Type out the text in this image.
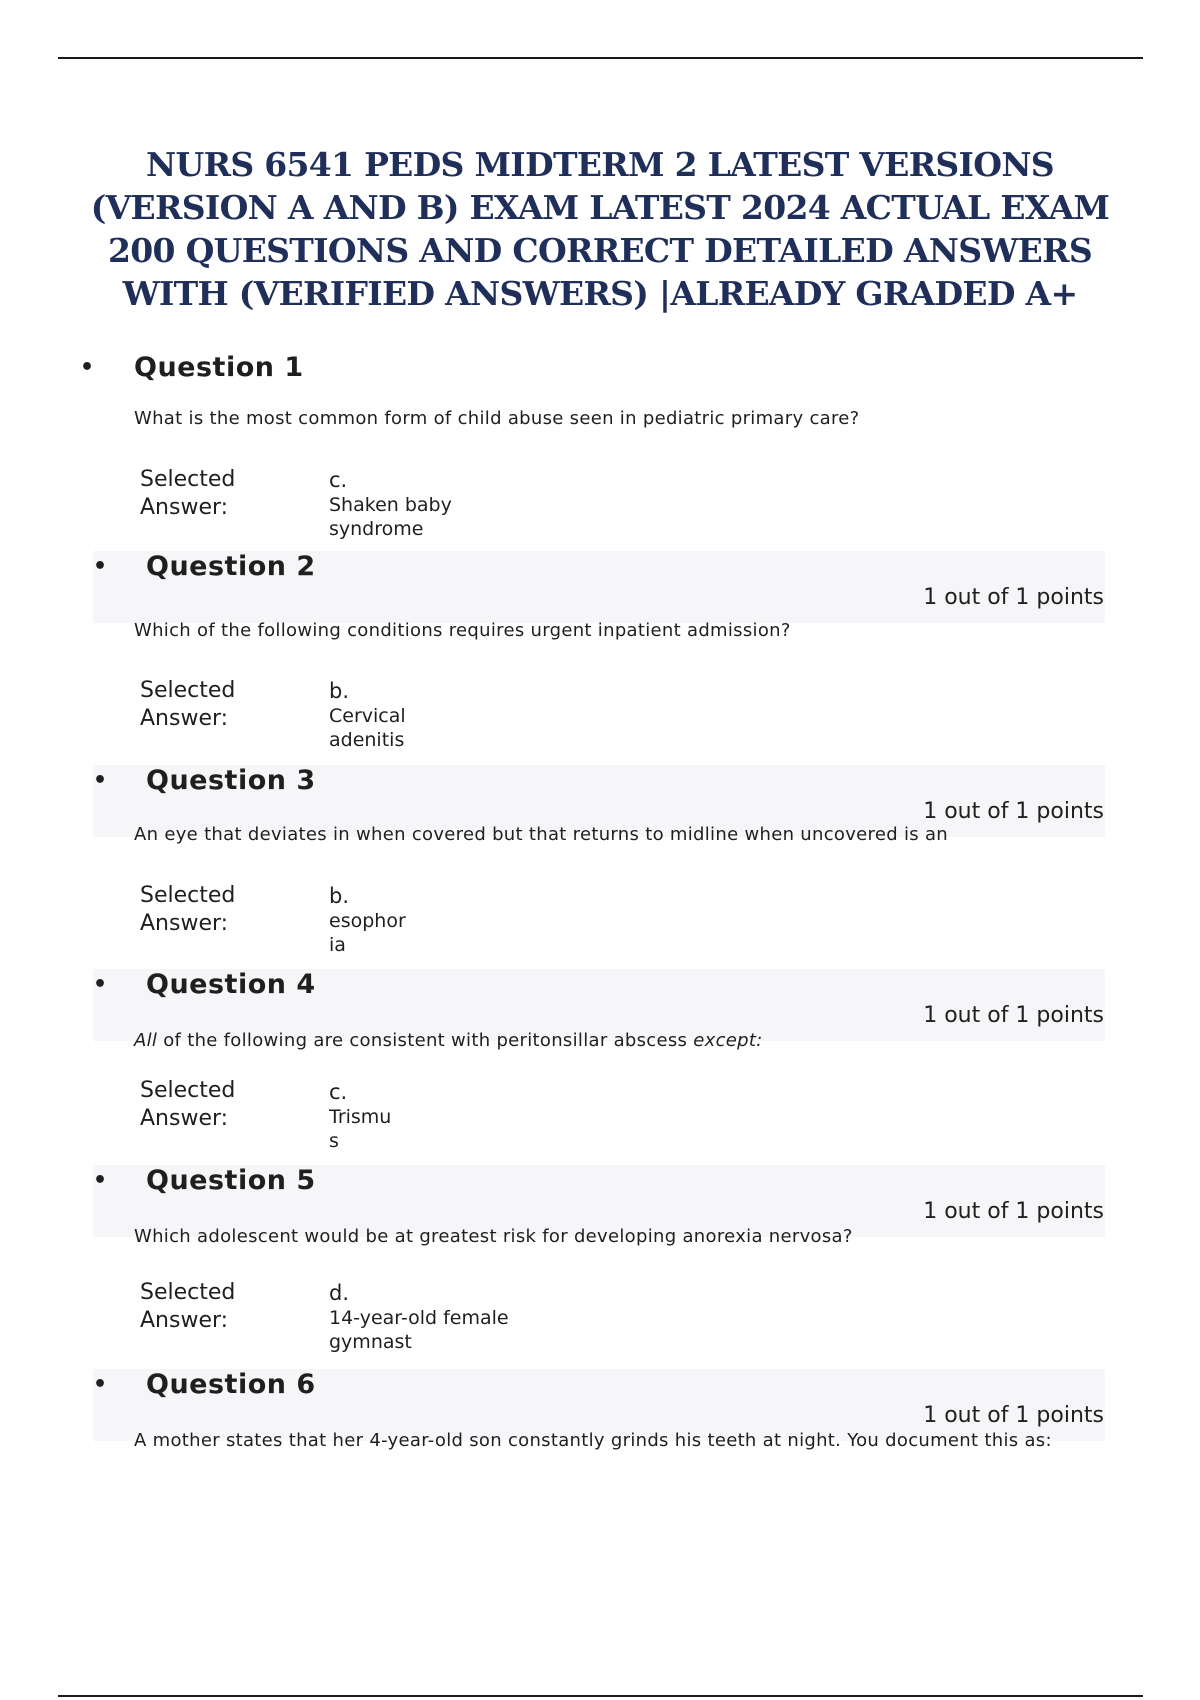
NURS 6541 PEDS MIDTERM 2 LATEST VERSIONS (VERSION A AND B) EXAM LATEST 2024 ACTUAL EXAM 200 QUESTIONS AND CORRECT DETAILED ANSWERS WITH (VERIFIED ANSWERS) |ALREADY GRADED A+
• Question 1

What is the most common form of child abuse seen in pediatric primary care?

Selected Answer:
c.
Shaken baby syndrome
• Question 2
1 out of 1 points

Which of the following conditions requires urgent inpatient admission?

Selected Answer:
b.
Cervical adenitis
• Question 3
1 out of 1 points

An eye that deviates in when covered but that returns to midline when uncovered is an

Selected Answer:
b.
esophoria
• Question 4
1 out of 1 points

All of the following are consistent with peritonsillar abscess except:

Selected Answer:
c.
Trismus
• Question 5
1 out of 1 points

Which adolescent would be at greatest risk for developing anorexia nervosa?

Selected Answer:
d.
14-year-old female gymnast
• Question 6
1 out of 1 points

A mother states that her 4-year-old son constantly grinds his teeth at night. You document this as:
